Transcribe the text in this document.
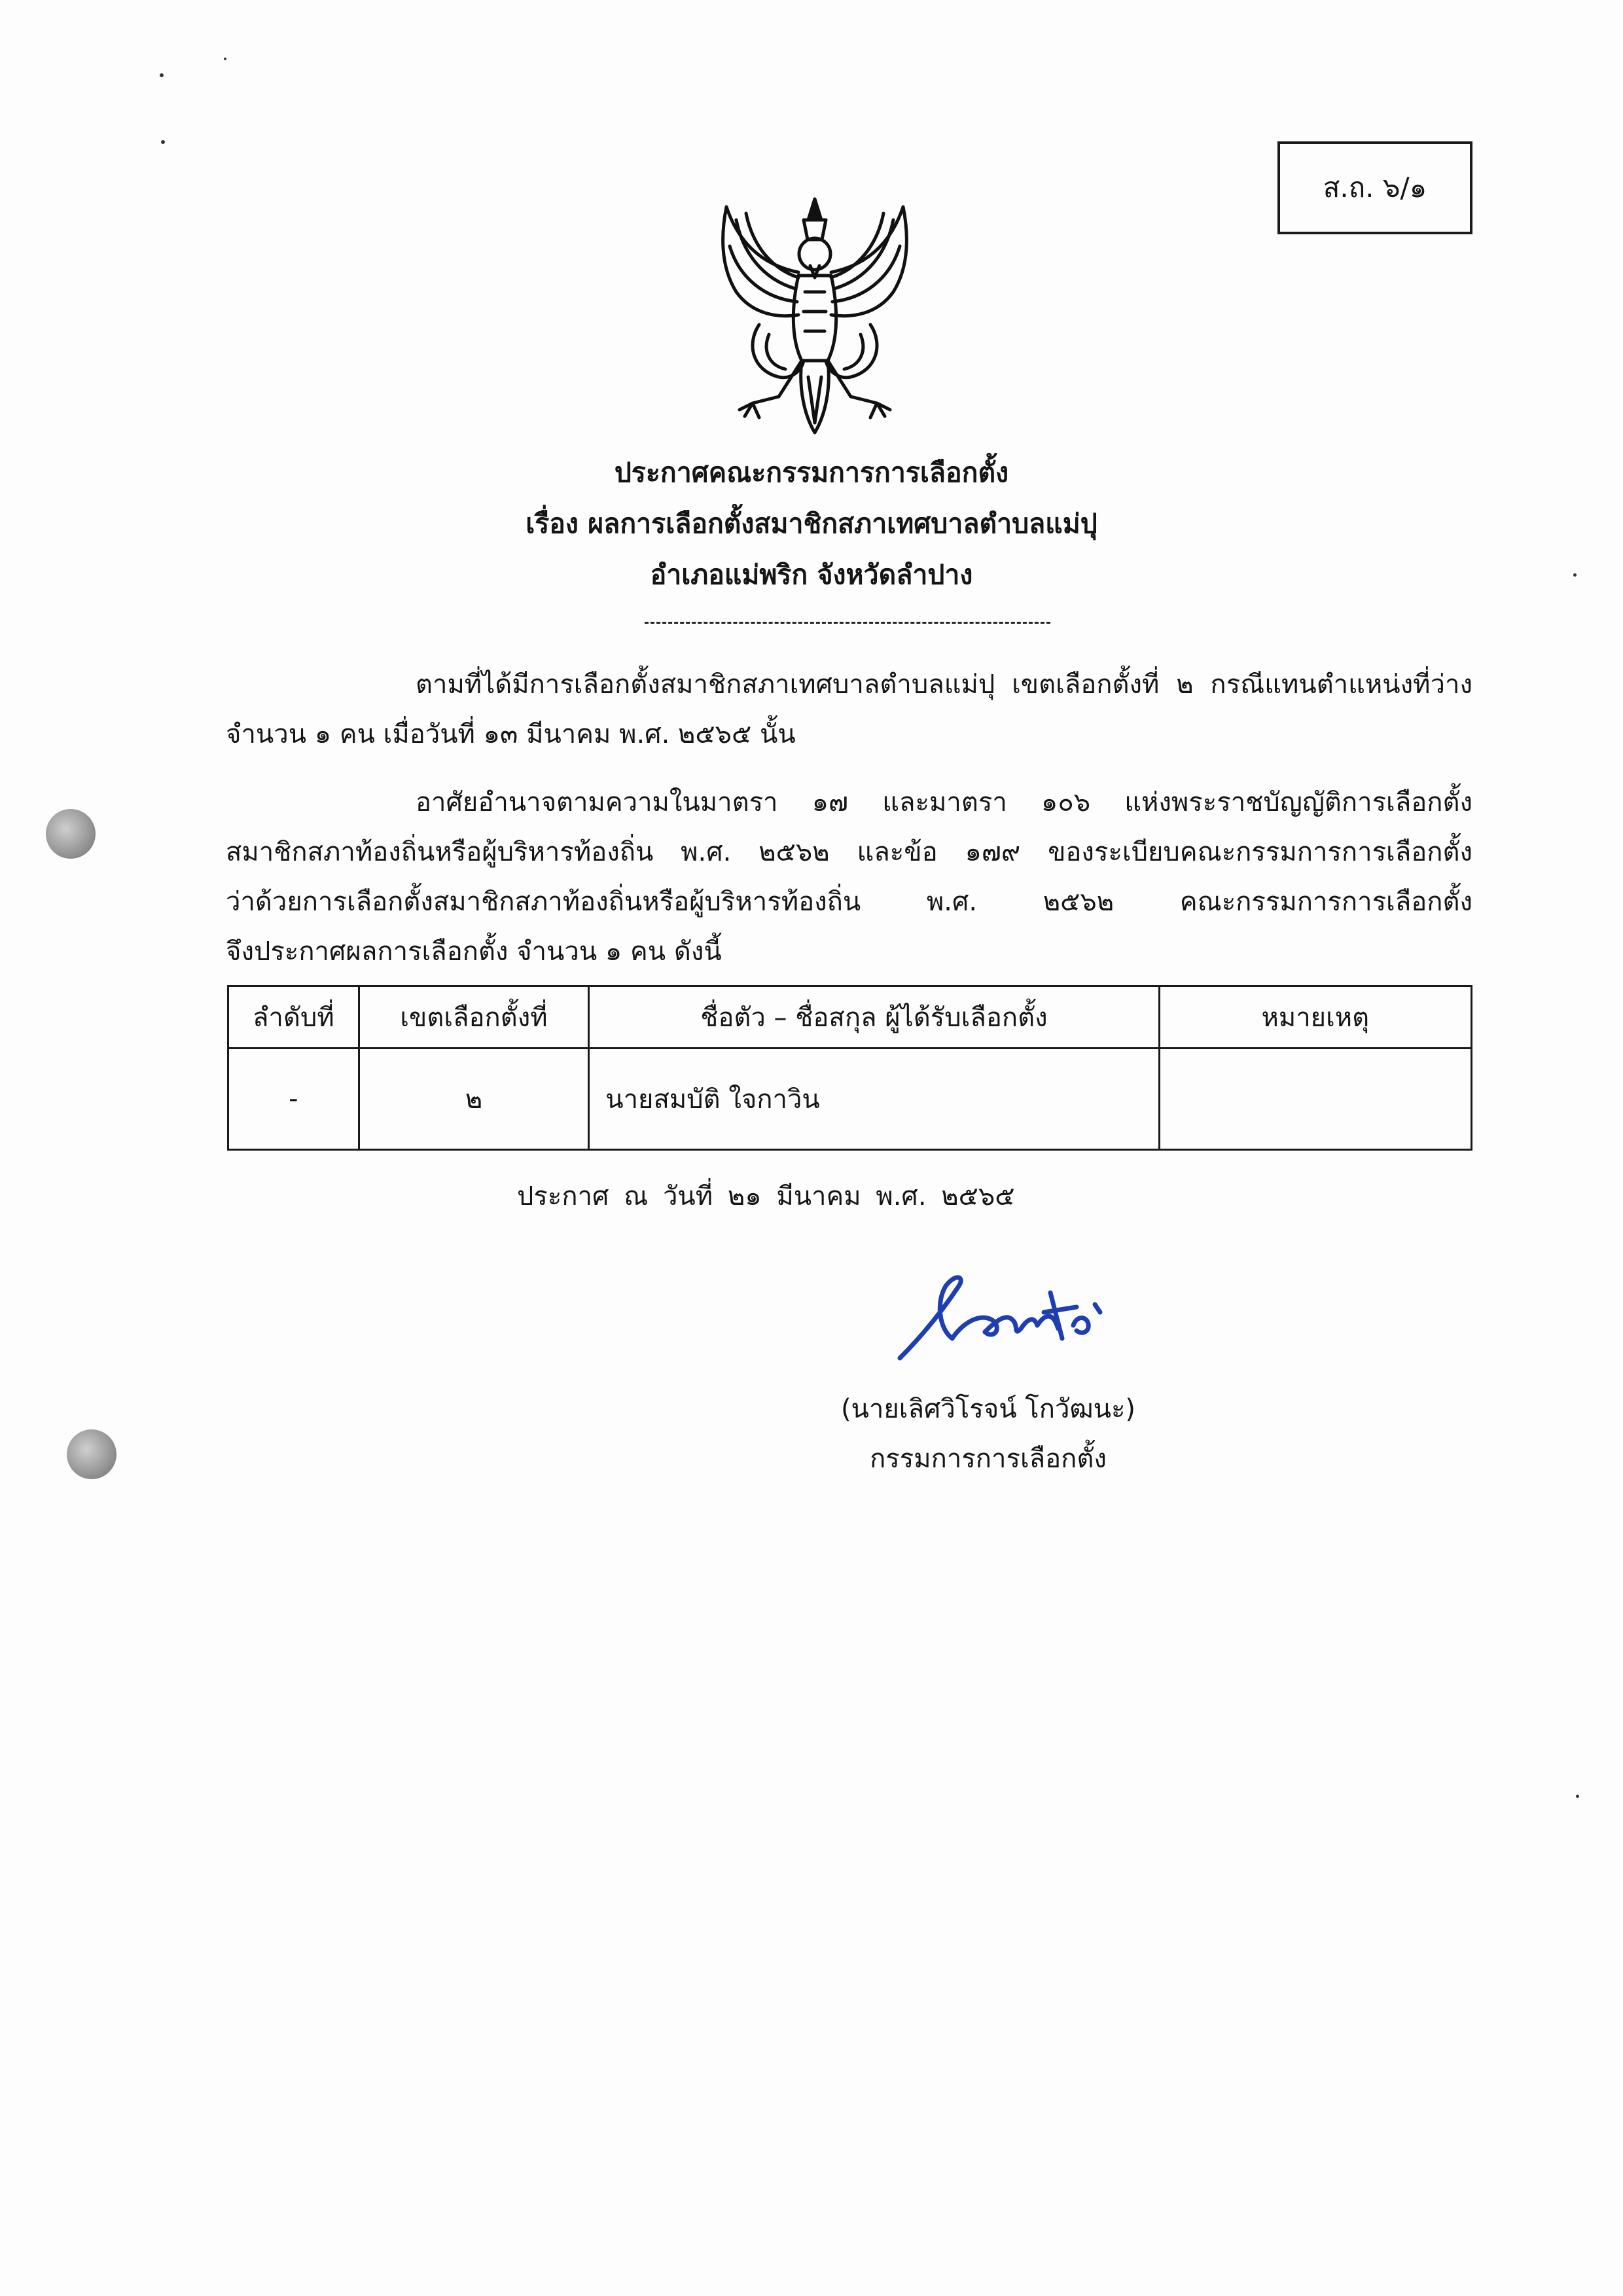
ส.ถ. ๖/๑
ประกาศคณะกรรมการการเลือกตั้ง
เรื่อง ผลการเลือกตั้งสมาชิกสภาเทศบาลตำบลแม่ปุ
อำเภอแม่พริก จังหวัดลำปาง
ตามที่ได้มีการเลือกตั้งสมาชิกสภาเทศบาลตำบลแม่ปุ เขตเลือกตั้งที่ ๒ กรณีแทนตำแหน่งที่ว่าง
จำนวน ๑ คน เมื่อวันที่ ๑๓ มีนาคม พ.ศ. ๒๕๖๕ นั้น
อาศัยอำนาจตามความในมาตรา ๑๗ และมาตรา ๑๐๖ แห่งพระราชบัญญัติการเลือกตั้ง
สมาชิกสภาท้องถิ่นหรือผู้บริหารท้องถิ่น พ.ศ. ๒๕๖๒ และข้อ ๑๗๙ ของระเบียบคณะกรรมการการเลือกตั้ง
ว่าด้วยการเลือกตั้งสมาชิกสภาท้องถิ่นหรือผู้บริหารท้องถิ่น พ.ศ. ๒๕๖๒ คณะกรรมการการเลือกตั้ง
จึงประกาศผลการเลือกตั้ง จำนวน ๑ คน ดังนี้
ลำดับที่	เขตเลือกตั้งที่	ชื่อตัว – ชื่อสกุล ผู้ได้รับเลือกตั้ง	หมายเหตุ
-	๒	นายสมบัติ ใจกาวิน	
ประกาศ ณ วันที่ ๒๑ มีนาคม พ.ศ. ๒๕๖๕
(นายเลิศวิโรจน์ โกวัฒนะ)
กรรมการการเลือกตั้ง
